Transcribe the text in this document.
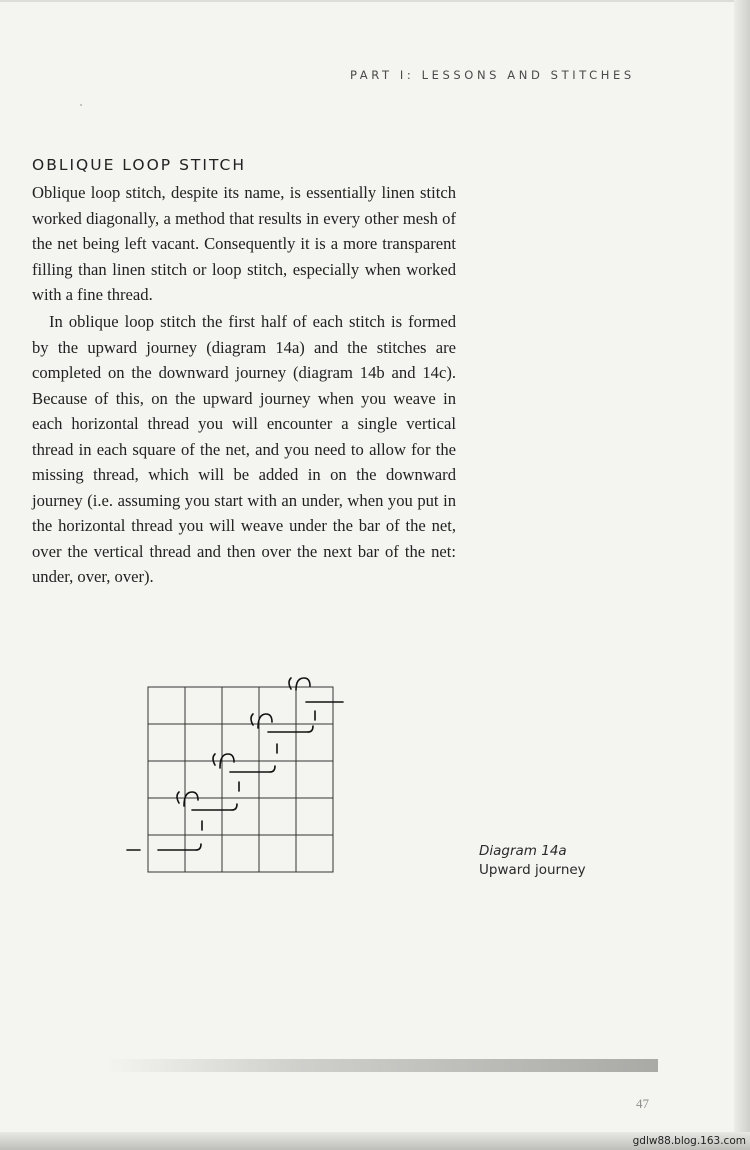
PART I: LESSONS AND STITCHES
OBLIQUE LOOP STITCH

Oblique loop stitch, despite its name, is essentially linen stitch worked diagonally, a method that results in every other mesh of the net being left vacant. Consequently it is a more transparent filling than linen stitch or loop stitch, especially when worked with a fine thread.

In oblique loop stitch the first half of each stitch is formed by the upward journey (diagram 14a) and the stitches are completed on the downward journey (diagram 14b and 14c). Because of this, on the upward journey when you weave in each horizontal thread you will encounter a single vertical thread in each square of the net, and you need to allow for the missing thread, which will be added in on the downward journey (i.e. assuming you start with an under, when you put in the horizontal thread you will weave under the bar of the net, over the vertical thread and then over the next bar of the net: under, over, over).

Diagram 14a
Upward journey
47
gdlw88.blog.163.com
